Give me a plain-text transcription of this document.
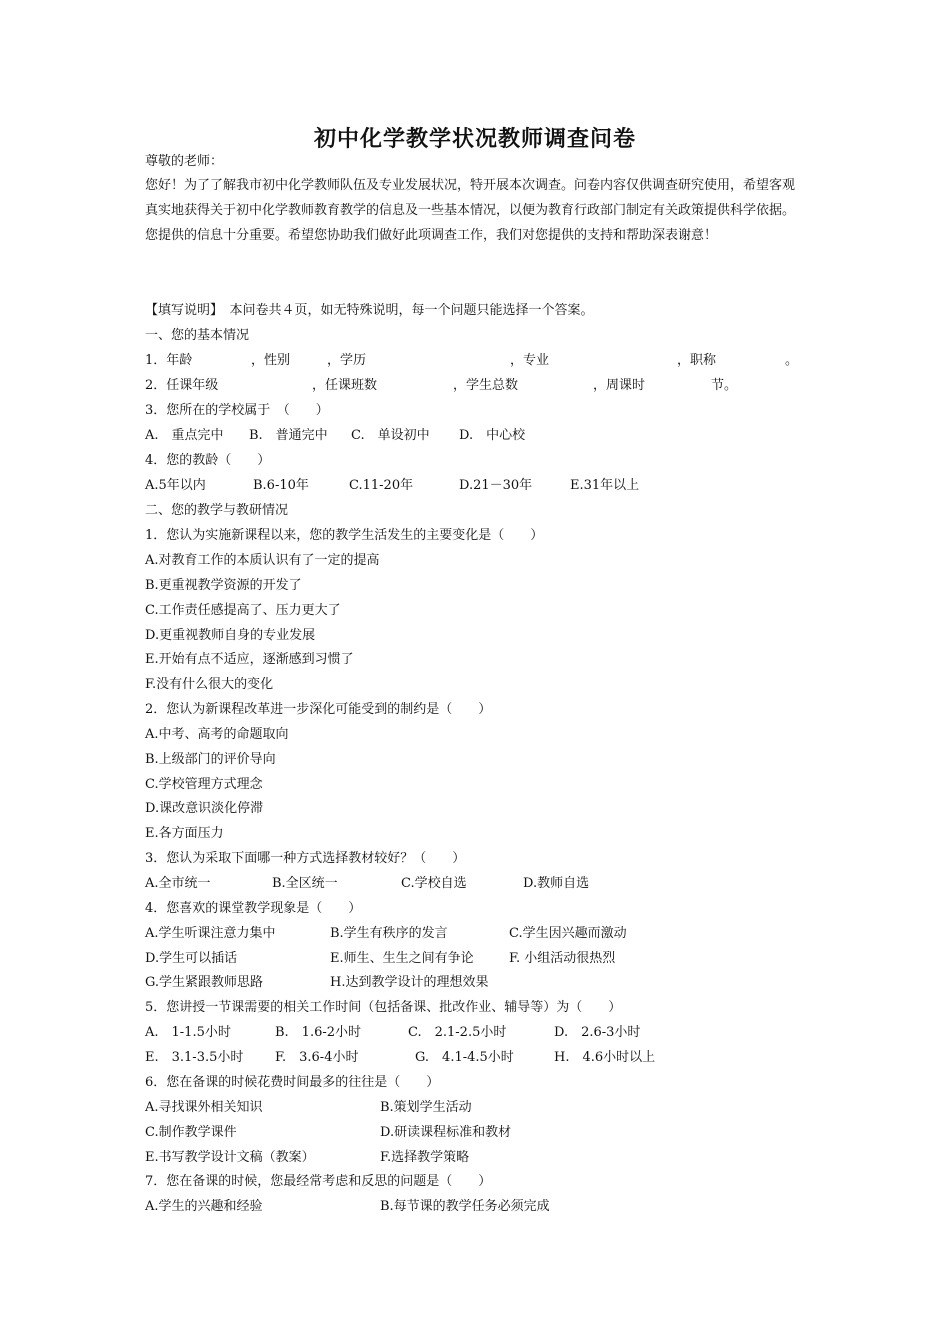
初中化学教学状况教师调查问卷
尊敬的老师：
您好！为了了解我市初中化学教师队伍及专业发展状况，特开展本次调查。问卷内容仅供调查研究使用，希望客观真实地获得关于初中化学教师教育教学的信息及一些基本情况，以便为教育行政部门制定有关政策提供科学依据。您提供的信息十分重要。希望您协助我们做好此项调查工作，我们对您提供的支持和帮助深表谢意！
【填写说明】　本问卷共４页，如无特殊说明，每一个问题只能选择一个答案。
一、您的基本情况
1．年龄	，性别	，学历	，专业	，职称	。
2．任课年级	，任课班数	，学生总数	，周课时	节。
3．您所在的学校属于　（　　）
A.　重点完中 B.　普通完中 C.　单设初中 D.　中心校
4．您的教龄（　　）
A.5年以内	B.6-10年	C.11-20年	D.21－30年	E.31年以上
二、您的教学与教研情况
1．您认为实施新课程以来，您的教学生活发生的主要变化是（　　）
A.对教育工作的本质认识有了一定的提高
B.更重视教学资源的开发了
C.工作责任感提高了、压力更大了
D.更重视教师自身的专业发展
E.开始有点不适应，逐渐感到习惯了
F.没有什么很大的变化
2．您认为新课程改革进一步深化可能受到的制约是（　　）
A.中考、高考的命题取向
B.上级部门的评价导向
C.学校管理方式理念
D.课改意识淡化停滞
E.各方面压力
3．您认为采取下面哪一种方式选择教材较好？（　　）
A.全市统一	B.全区统一	C.学校自选	D.教师自选
4．您喜欢的课堂教学现象是（　　）
A.学生听课注意力集中	B.学生有秩序的发言	C.学生因兴趣而激动
D.学生可以插话	E.师生、生生之间有争论	F. 小组活动很热烈
G.学生紧跟教师思路	H.达到教学设计的理想效果
5．您讲授一节课需要的相关工作时间（包括备课、批改作业、辅导等）为（　　）
A.　1-1.5小时	B.　1.6-2小时	C.　2.1-2.5小时	D.　2.6-3小时
E.　3.1-3.5小时 F.　3.6-4小时	G.　4.1-4.5小时	H.　4.6小时以上
6．您在备课的时候花费时间最多的往往是（　　）
A.寻找课外相关知识	B.策划学生活动
C.制作教学课件	D.研读课程标准和教材
E.书写教学设计文稿（教案）	F.选择教学策略
7．您在备课的时候，您最经常考虑和反思的问题是（　　）
A.学生的兴趣和经验	B.每节课的教学任务必须完成
